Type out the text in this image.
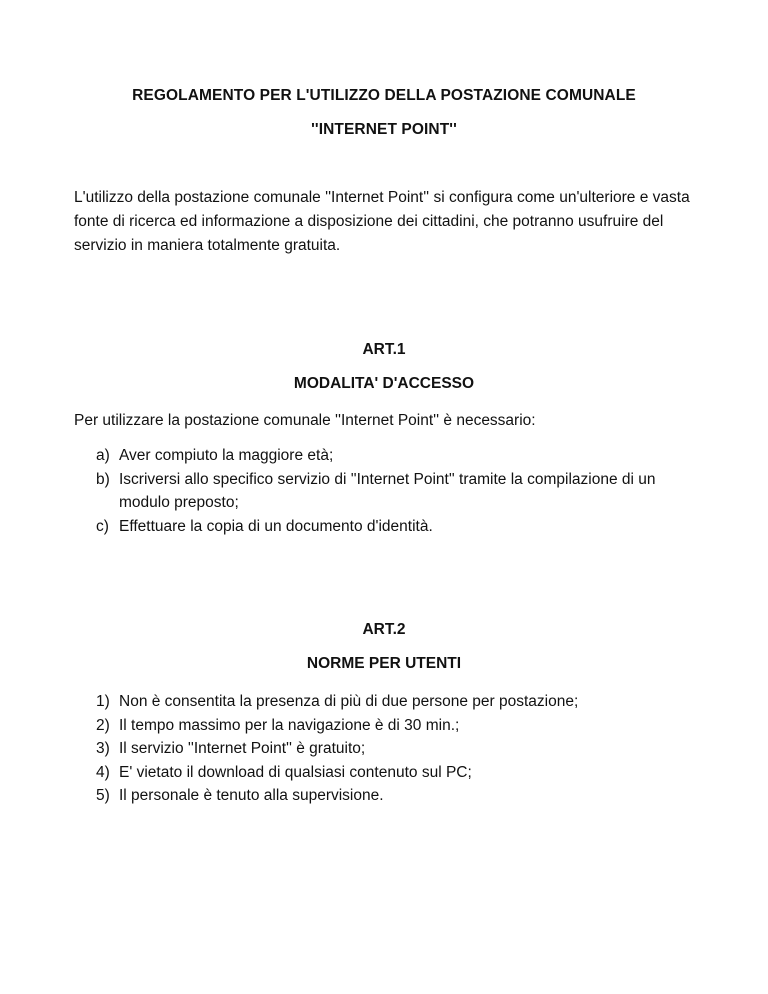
REGOLAMENTO PER L'UTILIZZO DELLA POSTAZIONE COMUNALE
''INTERNET POINT''
L'utilizzo della postazione comunale ''Internet Point'' si configura come un'ulteriore e vasta fonte di ricerca ed informazione a disposizione dei cittadini, che potranno usufruire del servizio in maniera totalmente gratuita.
ART.1
MODALITA' D'ACCESSO
Per utilizzare la postazione comunale ''Internet Point'' è necessario:
a) Aver compiuto la maggiore età;
b) Iscriversi allo specifico servizio di ''Internet Point'' tramite la compilazione di un modulo preposto;
c) Effettuare la copia di un documento d'identità.
ART.2
NORME PER UTENTI
1) Non è consentita la presenza di più di due persone per postazione;
2) Il tempo massimo per la navigazione è di 30 min.;
3) Il servizio ''Internet Point'' è gratuito;
4) E' vietato il download di qualsiasi contenuto sul PC;
5) Il personale è tenuto alla supervisione.
